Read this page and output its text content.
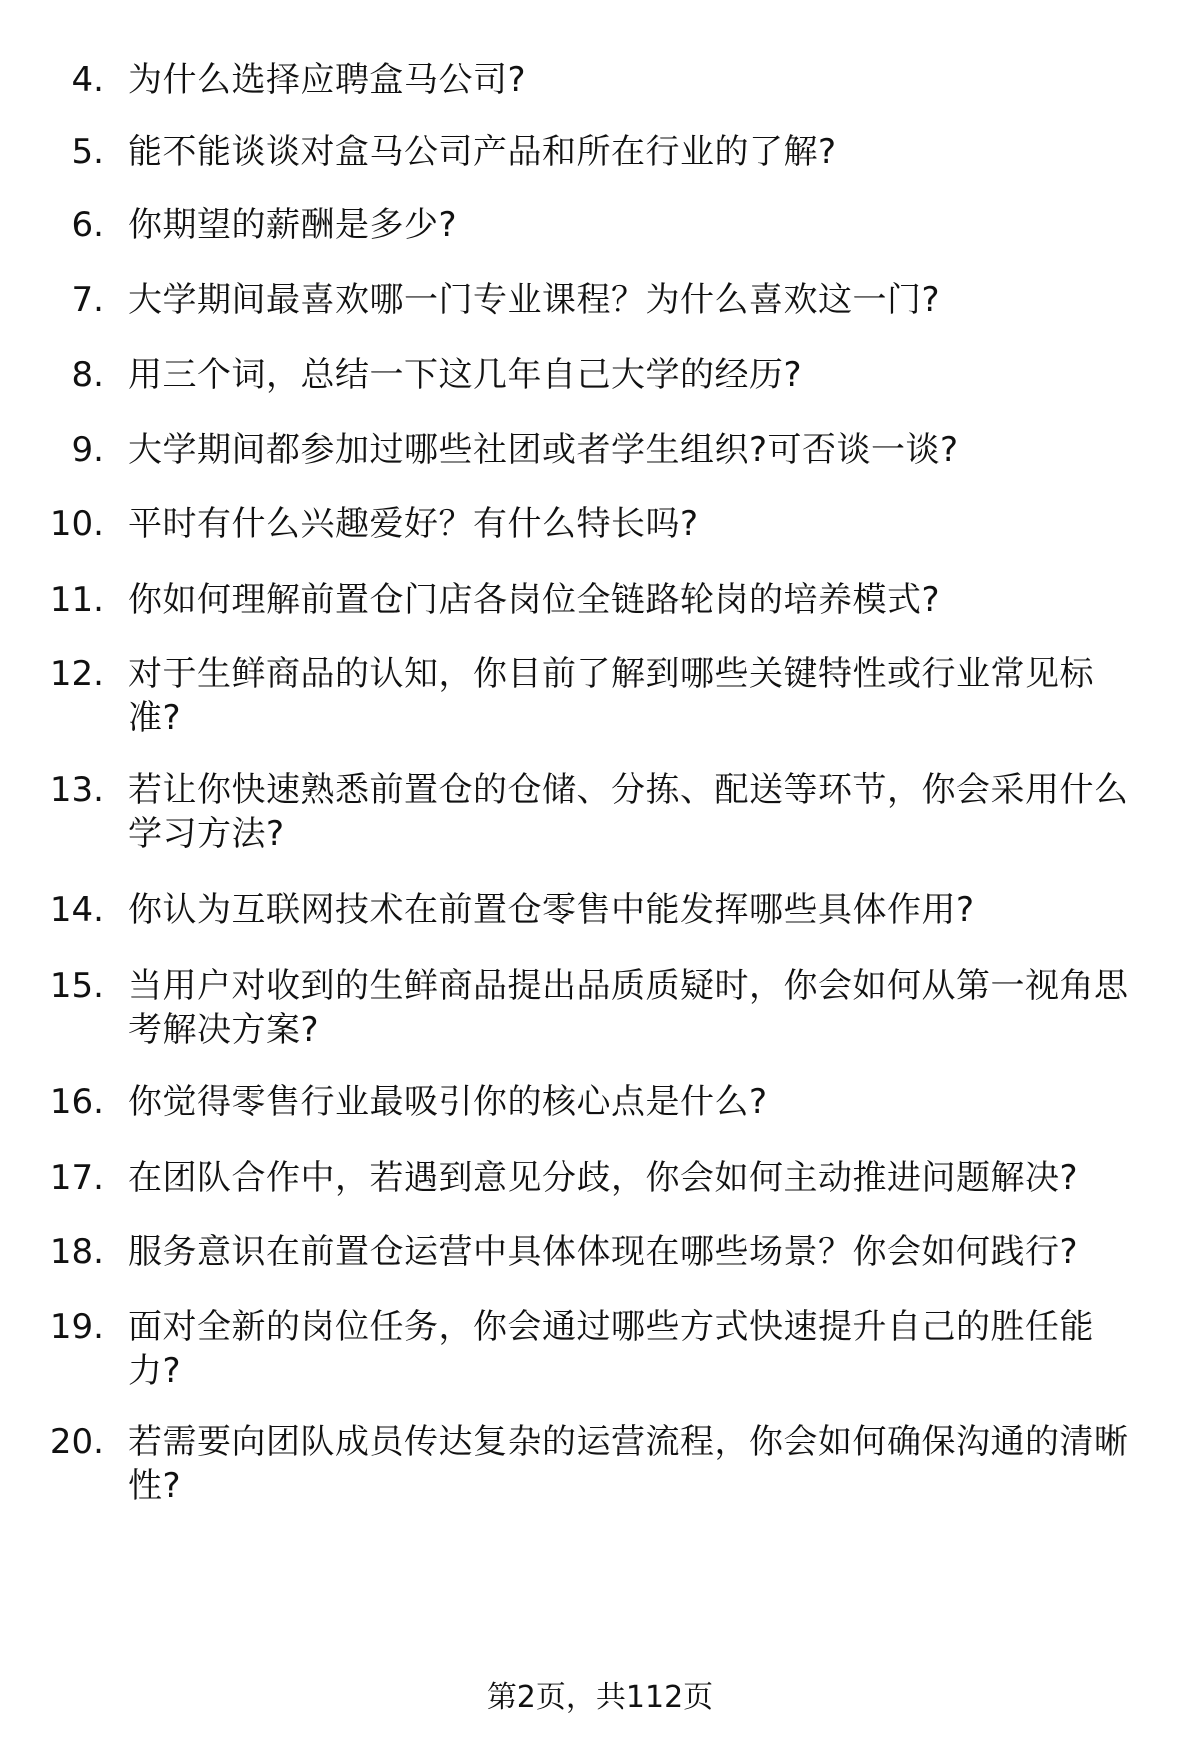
4. 为什么选择应聘盒马公司?
5. 能不能谈谈对盒马公司产品和所在行业的了解?
6. 你期望的薪酬是多少?
7. 大学期间最喜欢哪一门专业课程？为什么喜欢这一门?
8. 用三个词，总结一下这几年自己大学的经历?
9. 大学期间都参加过哪些社团或者学生组织?可否谈一谈?
10. 平时有什么兴趣爱好？有什么特长吗?
11. 你如何理解前置仓门店各岗位全链路轮岗的培养模式?
12. 对于生鲜商品的认知，你目前了解到哪些关键特性或行业常见标准?
13. 若让你快速熟悉前置仓的仓储、分拣、配送等环节，你会采用什么学习方法?
14. 你认为互联网技术在前置仓零售中能发挥哪些具体作用?
15. 当用户对收到的生鲜商品提出品质质疑时，你会如何从第一视角思考解决方案?
16. 你觉得零售行业最吸引你的核心点是什么?
17. 在团队合作中，若遇到意见分歧，你会如何主动推进问题解决?
18. 服务意识在前置仓运营中具体体现在哪些场景？你会如何践行?
19. 面对全新的岗位任务，你会通过哪些方式快速提升自己的胜任能力?
20. 若需要向团队成员传达复杂的运营流程，你会如何确保沟通的清晰性?
第2页，共112页
